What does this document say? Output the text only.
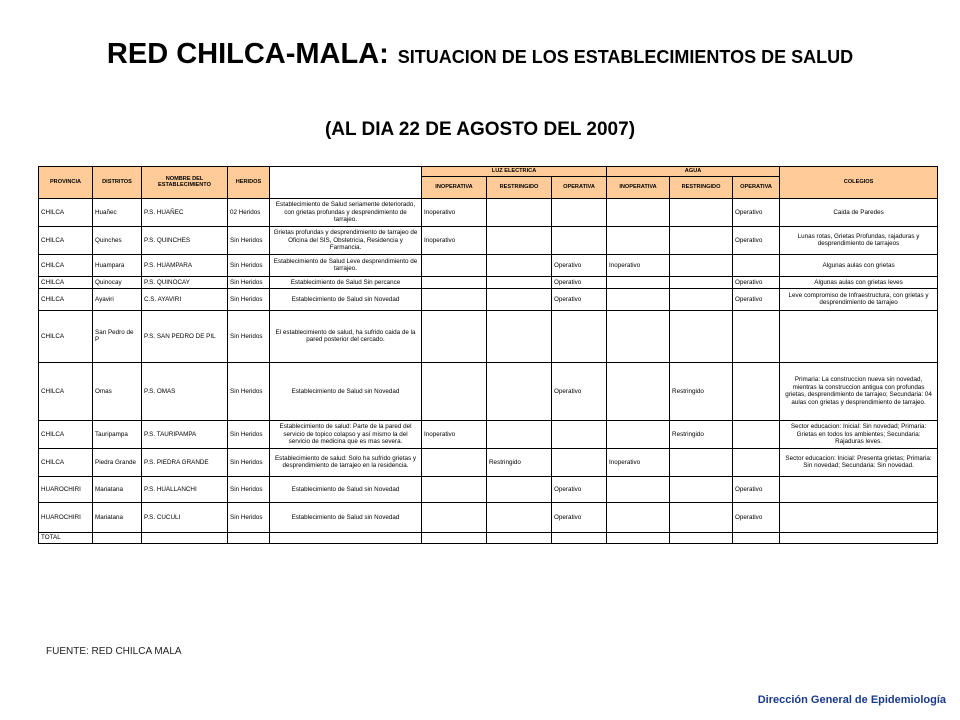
RED CHILCA-MALA: SITUACION DE LOS ESTABLECIMIENTOS DE SALUD
(AL DIA 22 DE AGOSTO DEL 2007)
PROVINCIA	DISTRITOS	NOMBRE DEL ESTABLECIMIENTO	HERIDOS		LUZ ELECTRICA			AGUA			COLEGIOS
					INOPERATIVA	RESTRINGIDO	OPERATIVA	INOPERATIVA	RESTRINGIDO	OPERATIVA	
CHILCA	Huañec	P.S. HUAÑEC	02 Heridos	Establecimiento de Salud seriamente deteriorado, con grietas profundas y desprendimiento de tarrajeo.	Inoperativo					Operativo	Caida de Paredes
CHILCA	Quinches	P.S. QUINCHES	Sin Heridos	Grietas profundas y desprendimiento de tarrajeo de Oficina del SIS, Obstetricia, Residencia y Farmancia.	Inoperativo					Operativo	Lunas rotas, Grietas Profundas, rajaduras y desprendimiento de tarrajeos
CHILCA	Huampara	P.S. HUAMPARA	Sin Heridos	Establecimiento de Salud Leve desprendimiento de tarrajeo.			Operativo	Inoperativo			Algunas aulas con grietas
CHILCA	Quinocay	P.S. QUINOCAY	Sin Heridos	Establecimiento de Salud Sin percance			Operativo			Operativo	Algunas aulas con grietas leves
CHILCA	Ayaviri	C.S. AYAVIRI	Sin Heridos	Establecimiento de Salud sin Novedad			Operativo			Operativo	Leve compromiso de Infraestructura, con grietas y desprendimiento de tarrajeo
CHILCA	San Pedro de P	P.S. SAN PEDRO DE PIL	Sin Heridos	El establecimiento de salud, ha sufrido caida de la pared posterior del cercado.							
CHILCA	Omas	P.S. OMAS	Sin Heridos	Establecimiento de Salud sin Novedad			Operativo		Restringido		Primaria: La construccion nueva sin novedad, mientras la construccion antigua con profundas grietas, desprendimiento de tarrajeo; Secundaria: 04 aulas con grietas y desprendimiento de tarrajeo.
CHILCA	Tauripampa	P.S. TAURIPAMPA	Sin Heridos	Establecimiento de salud: Parte de la pared del servicio de topico colapso y así mismo la del servicio de medicina que es mas severa.	Inoperativo				Restringido		Sector educacion: Inicial: Sin novedad; Primaria: Grietas en todos los ambientes; Secundaria: Rajaduras leves.
CHILCA	Piedra Grande	P.S. PIEDRA GRANDE	Sin Heridos	Establecimiento de salud: Solo ha sufrido grietas y desprendimiento de tarrajeo en la residencia.		Restringido		Inoperativo			Sector educacion: Inicial: Presenta grietas; Primaria: Sin novedad; Secundaria: Sin novedad.
HUAROCHIRI	Mariatana	P.S. HUALLANCHI	Sin Heridos	Establecimiento de Salud sin Novedad			Operativo			Operativo	
HUAROCHIRI	Mariatana	P.S. CUCULI	Sin Heridos	Establecimiento de Salud sin Novedad			Operativo			Operativo	
TOTAL											
FUENTE: RED CHILCA MALA
Dirección General de Epidemiología
